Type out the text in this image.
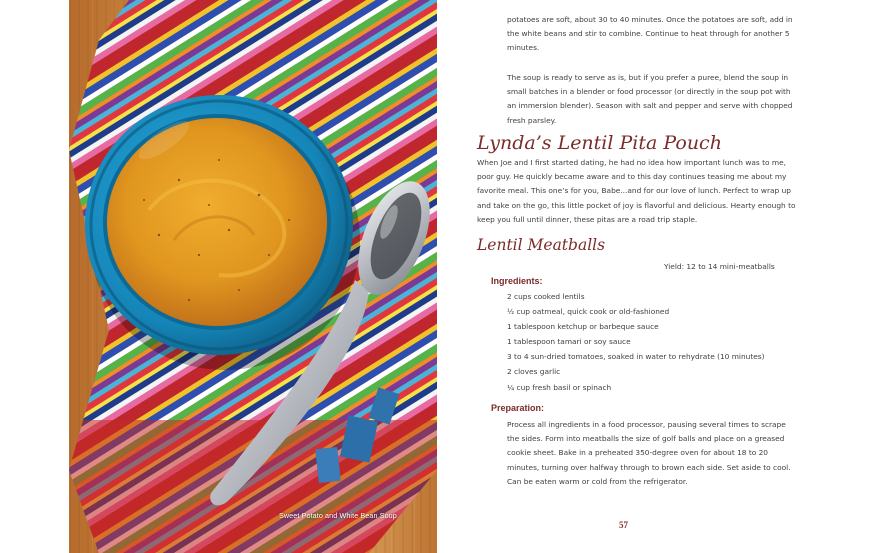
Sweet Potato and White Bean Soup

potatoes are soft, about 30 to 40 minutes. Once the potatoes are soft, add in the white beans and stir to combine. Continue to heat through for another 5 minutes.

The soup is ready to serve as is, but if you prefer a puree, blend the soup in small batches in a blender or food processor (or directly in the soup pot with an immersion blender). Season with salt and pepper and serve with chopped fresh parsley.

Lynda’s Lentil Pita Pouch

When Joe and I first started dating, he had no idea how important lunch was to me, poor guy. He quickly became aware and to this day continues teasing me about my favorite meal. This one’s for you, Babe...and for our love of lunch. Perfect to wrap up and take on the go, this little pocket of joy is flavorful and delicious. Hearty enough to keep you full until dinner, these pitas are a road trip staple.

Lentil Meatballs
Yield: 12 to 14 mini-meatballs
Ingredients:
2 cups cooked lentils
½ cup oatmeal, quick cook or old-fashioned
1 tablespoon ketchup or barbeque sauce
1 tablespoon tamari or soy sauce
3 to 4 sun-dried tomatoes, soaked in water to rehydrate (10 minutes)
2 cloves garlic
¼ cup fresh basil or spinach
Preparation:

Process all ingredients in a food processor, pausing several times to scrape the sides. Form into meatballs the size of golf balls and place on a greased cookie sheet. Bake in a preheated 350-degree oven for about 18 to 20 minutes, turning over halfway through to brown each side. Set aside to cool. Can be eaten warm or cold from the refrigerator.

57
